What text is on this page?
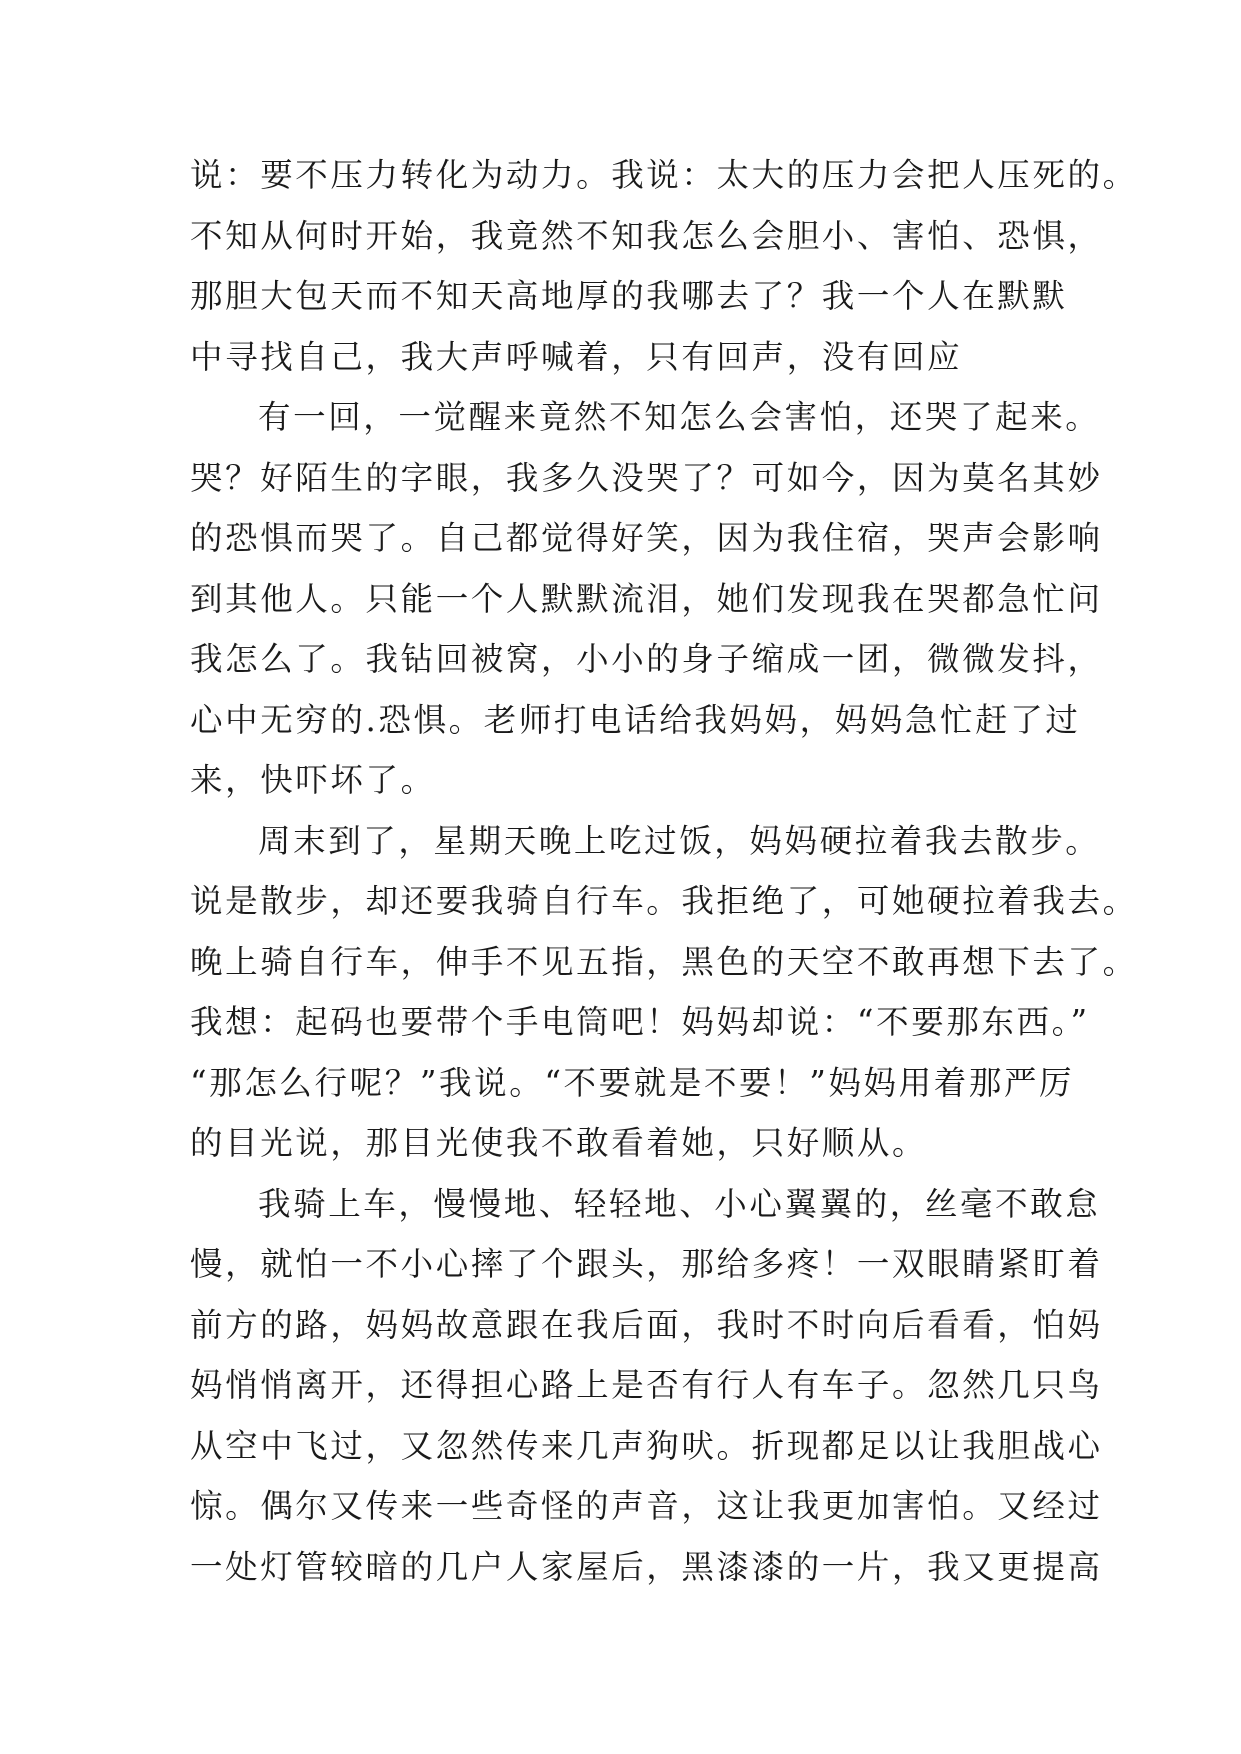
说：要不压力转化为动力。我说：太大的压力会把人压死的。
不知从何时开始，我竟然不知我怎么会胆小、害怕、恐惧，
那胆大包天而不知天高地厚的我哪去了？我一个人在默默
中寻找自己，我大声呼喊着，只有回声，没有回应
有一回，一觉醒来竟然不知怎么会害怕，还哭了起来。
哭？好陌生的字眼，我多久没哭了？可如今，因为莫名其妙
的恐惧而哭了。自己都觉得好笑，因为我住宿，哭声会影响
到其他人。只能一个人默默流泪，她们发现我在哭都急忙问
我怎么了。我钻回被窝，小小的身子缩成一团，微微发抖，
心中无穷的.恐惧。老师打电话给我妈妈，妈妈急忙赶了过
来，快吓坏了。
周末到了，星期天晚上吃过饭，妈妈硬拉着我去散步。
说是散步，却还要我骑自行车。我拒绝了，可她硬拉着我去。
晚上骑自行车，伸手不见五指，黑色的天空不敢再想下去了。
我想：起码也要带个手电筒吧！妈妈却说：“不要那东西。”
“那怎么行呢？”我说。“不要就是不要！”妈妈用着那严厉
的目光说，那目光使我不敢看着她，只好顺从。
我骑上车，慢慢地、轻轻地、小心翼翼的，丝毫不敢怠
慢，就怕一不小心摔了个跟头，那给多疼！一双眼睛紧盯着
前方的路，妈妈故意跟在我后面，我时不时向后看看，怕妈
妈悄悄离开，还得担心路上是否有行人有车子。忽然几只鸟
从空中飞过，又忽然传来几声狗吠。折现都足以让我胆战心
惊。偶尔又传来一些奇怪的声音，这让我更加害怕。又经过
一处灯管较暗的几户人家屋后，黑漆漆的一片，我又更提高
